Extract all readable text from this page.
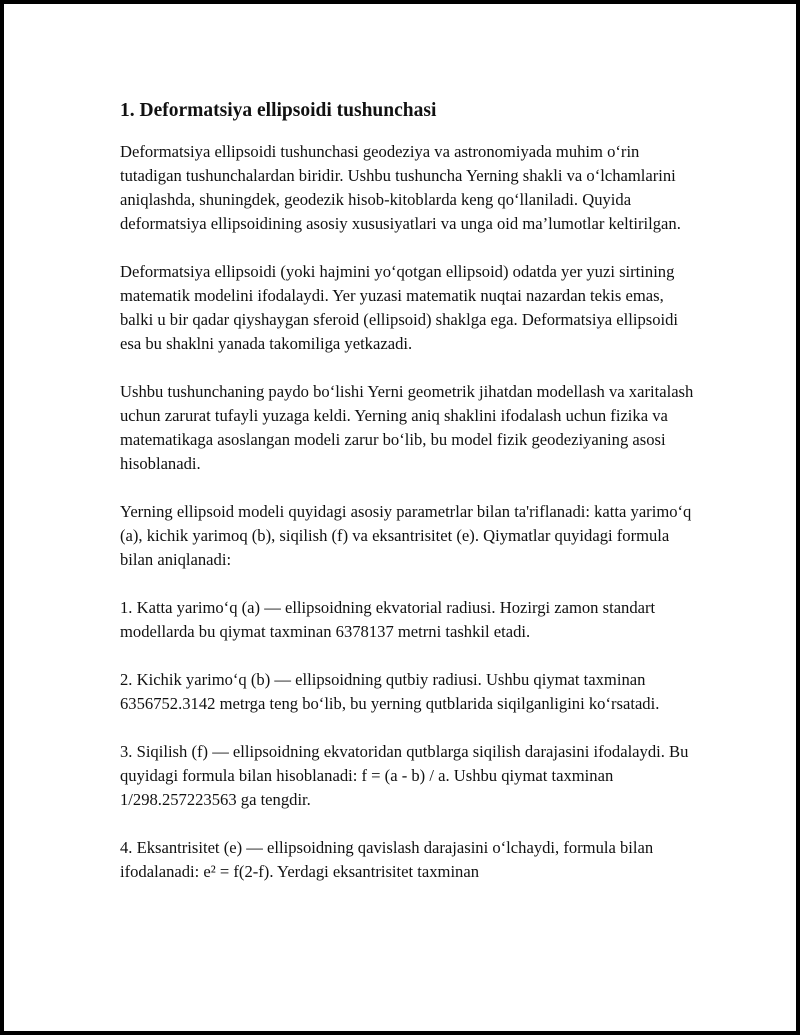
1. Deformatsiya ellipsoidi tushunchasi

Deformatsiya ellipsoidi tushunchasi geodeziya va astronomiyada muhim o‘rin tutadigan tushunchalardan biridir. Ushbu tushuncha Yerning shakli va o‘lchamlarini aniqlashda, shuningdek, geodezik hisob-kitoblarda keng qo‘llaniladi. Quyida deformatsiya ellipsoidining asosiy xususiyatlari va unga oid ma’lumotlar keltirilgan.

Deformatsiya ellipsoidi (yoki hajmini yo‘qotgan ellipsoid) odatda yer yuzi sirtining matematik modelini ifodalaydi. Yer yuzasi matematik nuqtai nazardan tekis emas, balki u bir qadar qiyshaygan sferoid (ellipsoid) shaklga ega. Deformatsiya ellipsoidi esa bu shaklni yanada takomiliga yetkazadi.

Ushbu tushunchaning paydo bo‘lishi Yerni geometrik jihatdan modellash va xaritalash uchun zarurat tufayli yuzaga keldi. Yerning aniq shaklini ifodalash uchun fizika va matematikaga asoslangan modeli zarur bo‘lib, bu model fizik geodeziyaning asosi hisoblanadi.

Yerning ellipsoid modeli quyidagi asosiy parametrlar bilan ta'riflanadi: katta yarimo‘q (a), kichik yarimoq (b), siqilish (f) va eksantrisitet (e). Qiymatlar quyidagi formula bilan aniqlanadi:

1. Katta yarimo‘q (a) — ellipsoidning ekvatorial radiusi. Hozirgi zamon standart modellarda bu qiymat taxminan 6378137 metrni tashkil etadi.

2. Kichik yarimo‘q (b) — ellipsoidning qutbiy radiusi. Ushbu qiymat taxminan 6356752.3142 metrga teng bo‘lib, bu yerning qutblarida siqilganligini ko‘rsatadi.

3. Siqilish (f) — ellipsoidning ekvatoridan qutblarga siqilish darajasini ifodalaydi. Bu quyidagi formula bilan hisoblanadi: f = (a - b) / a. Ushbu qiymat taxminan 1/298.257223563 ga tengdir.

4. Eksantrisitet (e) — ellipsoidning qavislash darajasini o‘lchaydi, formula bilan ifodalanadi: e² = f(2-f). Yerdagi eksantrisitet taxminan
